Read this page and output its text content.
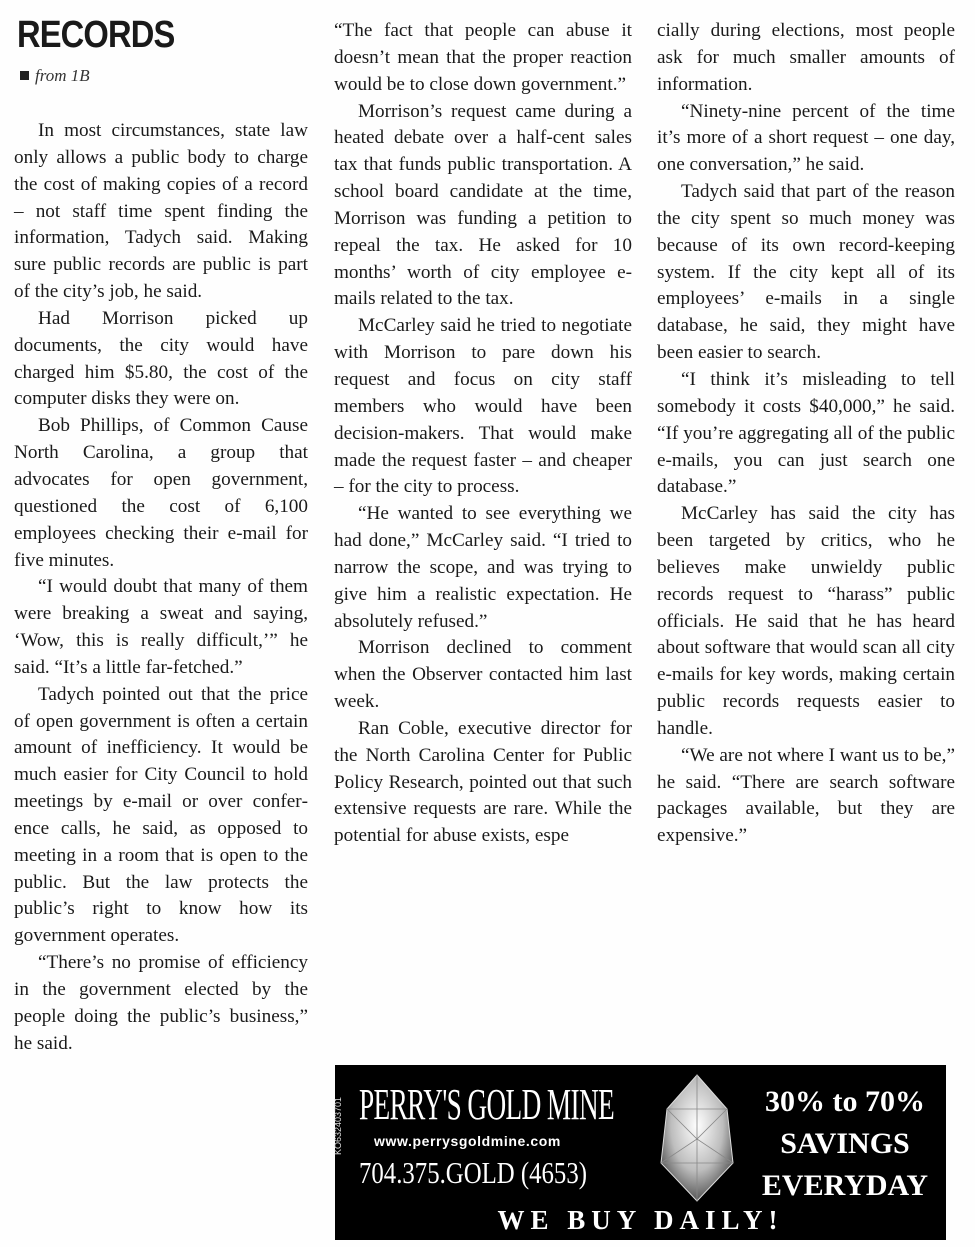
RECORDS
from 1B

In most circumstances, state law only allows a public body to charge the cost of making copies of a record – not staff time spent finding the information, Tadych said. Making sure public records are public is part of the city’s job, he said.

Had Morrison picked up documents, the city would have charged him $5.80, the cost of the computer disks they were on.

Bob Phillips, of Common Cause North Carolina, a group that advocates for open government, questioned the cost of 6,100 employees checking their e-mail for five minutes.

“I would doubt that many of them were breaking a sweat and saying, ‘Wow, this is really difficult,’” he said. “It’s a little far-fetched.”

Tadych pointed out that the price of open government is often a certain amount of inefficiency. It would be much easier for City Council to hold meetings by e-mail or over conference calls, he said, as opposed to meeting in a room that is open to the public. But the law protects the public’s right to know how its government operates.

“There’s no promise of efficiency in the government elected by the people doing the public’s business,” he said.

“The fact that people can abuse it doesn’t mean that the proper reaction would be to close down government.”

Morrison’s request came during a heated debate over a half-cent sales tax that funds public transportation. A school board candidate at the time, Morrison was funding a petition to repeal the tax. He asked for 10 months’ worth of city employee e-mails related to the tax.

McCarley said he tried to negotiate with Morrison to pare down his request and focus on city staff members who would have been decision-makers. That would make made the request faster – and cheaper – for the city to process.

“He wanted to see everything we had done,” McCarley said. “I tried to narrow the scope, and was trying to give him a realistic expectation. He absolutely refused.”

Morrison declined to comment when the Observer contacted him last week.

Ran Coble, executive director for the North Carolina Center for Public Policy Research, pointed out that such extensive requests are rare. While the potential for abuse exists, espe

cially during elections, most people ask for much smaller amounts of information.

“Ninety-nine percent of the time it’s more of a short request – one day, one conversation,” he said.

Tadych said that part of the reason the city spent so much money was because of its own record-keeping system. If the city kept all of its employees’ e-mails in a single database, he said, they might have been easier to search.

“I think it’s misleading to tell somebody it costs $40,000,” he said. “If you’re aggregating all of the public e-mails, you can just search one database.”

McCarley has said the city has been targeted by critics, who he believes make unwieldy public records request to “harass” public officials. He said that he has heard about software that would scan all city e-mails for key words, making certain public records requests easier to handle.

“We are not where I want us to be,” he said. “There are search software packages available, but they are expensive.”

PERRY'S GOLD MINE
www.perrysgoldmine.com
704.375.GOLD (4653)
KO632403701	30% to 70%
SAVINGS
EVERYDAY
WE BUY DAILY!
